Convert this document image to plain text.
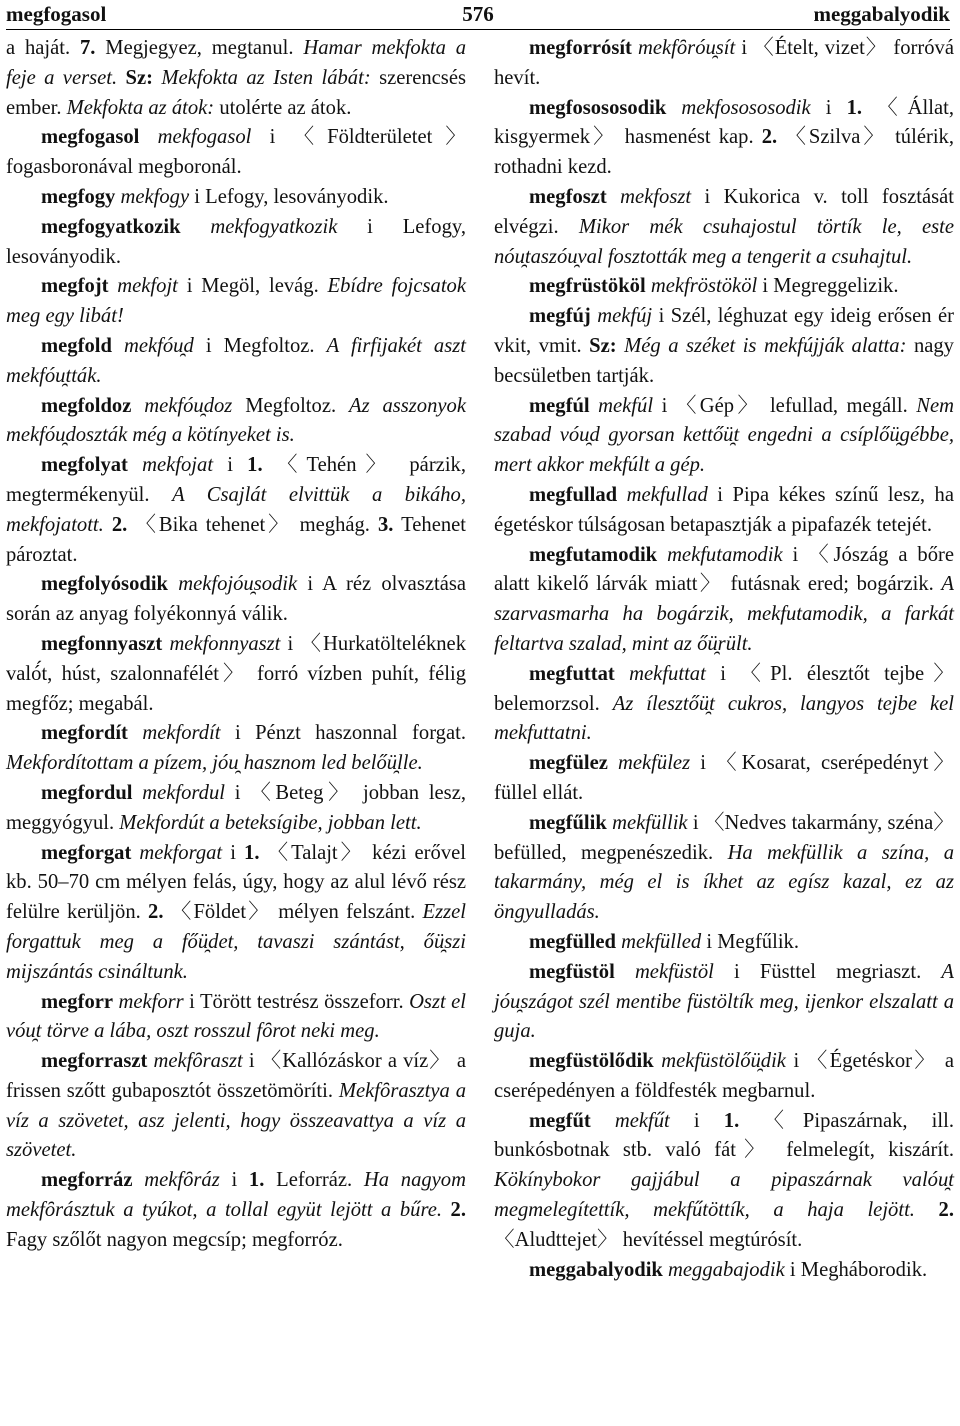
megfogasol	576	meggabalyodik

a haját. 7. Megjegyez, megtanul. Hamar mekfokta a feje a verset. Sz: Mekfokta az Isten lábát: szerencsés ember. Mekfokta az átok: utolérte az átok.

megfogasol mekfogasol i 〈Földterületet〉 fogasboronával megboronál.

megfogy mekfogy i Lefogy, lesoványodik.

megfogyatkozik mekfogyatkozik i Lefogy, lesoványodik.

megfojt mekfojt i Megöl, levág. Ebídre fojcsatok meg egy libát!

megfold mekfóu̯d i Megfoltoz. A firfijakét aszt mekfóu̯tták.

megfoldoz mekfóu̯doz Megfoltoz. Az asszonyok mekfóu̯doszták még a kötínyeket is.

megfolyat mekfojat i 1. 〈Tehén〉 párzik, megtermékenyül. A Csajlát elvittük a bikáho, mekfojatott. 2. 〈Bika tehenet〉 meghág. 3. Tehenet pároztat.

megfolyósodik mekfojóu̯sodik i A réz olvasztása során az anyag folyékonnyá válik.

megfonnyaszt mekfonnyaszt i 〈Hurkatölteléknek való́t, húst, szalonnafélét〉 forró vízben puhít, félig megfőz; megabál.

megfordít mekfordít i Pénzt haszonnal forgat. Mekfordítottam a pízem, jóu̯ hasznom led belőü̯lle.

megfordul mekfordul i 〈Beteg〉 jobban lesz, meggyógyul. Mekfordút a beteksígibe, jobban lett.

megforgat mekforgat i 1. 〈Talajt〉 kézi erővel kb. 50–70 cm mélyen felás, úgy, hogy az alul lévő rész felülre kerüljön. 2. 〈Földet〉 mélyen felszánt. Ezzel forgattuk meg a főü̯det, tavaszi szántást, őü̯szi mijszántás csináltunk.

megforr mekforr i Törött testrész összeforr. Oszt el vóu̯t törve a lába, oszt rosszul fȏrot neki meg.

megforraszt mekfȏraszt i 〈Kallózáskor a víz〉 a frissen szőtt gubaposztót összetömöríti. Mekfȏrasztya a víz a szövetet, asz jelenti, hogy összeavattya a víz a szövetet.

megforráz mekfȏráz i 1. Leforráz. Ha nagyom mekfȏrásztuk a tyúkot, a tollal együt lejött a bűre. 2. Fagy szőlőt nagyon megcsíp; megforróz.

megforrósít mekfȏróu̯sít i 〈Ételt, vizet〉 forróvá hevít.

megfosososodik mekfosososodik i 1. 〈Állat, kisgyermek〉 hasmenést kap. 2. 〈Szilva〉 túlérik, rothadni kezd.

megfoszt mekfoszt i Kukorica v. toll fosztását elvégzi. Mikor mék csuhajostul törtík le, este nóu̯taszóu̯val fosztották meg a tengerit a csuhajtul.

megfrüstököl mekfröstököl i Megreggelizik.

megfúj mekfúj i Szél, léghuzat egy ideig erősen ér vkit, vmit. Sz: Még a széket is mekfújják alatta: nagy becsületben tartják.

megfúl mekfúl i 〈Gép〉 lefullad, megáll. Nem szabad vóu̯d gyorsan kettőü̯t engedni a csíplőü̯gébbe, mert akkor mekfúlt a gép.

megfullad mekfullad i Pipa kékes színű lesz, ha égetéskor túlságosan betapasztják a pipafazék tetejét.

megfutamodik mekfutamodik i 〈Jószág a bőre alatt kikelő lárvák miatt〉 futásnak ered; bogárzik. A szarvasmarha ha bogárzik, mekfutamodik, a farkát feltartva szalad, mint az őü̯rült.

megfuttat mekfuttat i 〈Pl. élesztőt tejbe〉 belemorzsol. Az ílesztőü̯t cukros, langyos tejbe kel mekfuttatni.

megfülez mekfülez i 〈Kosarat, cserépedényt〉 füllel ellát.

megfűlik mekfüllik i 〈Nedves takarmány, széna〉 befülled, megpenészedik. Ha mekfüllik a szína, a takarmány, még el is íkhet az egísz kazal, ez az öngyulladás.

megfülled mekfülled i Megfűlik.

megfüstöl mekfüstöl i Füsttel megriaszt. A jóu̯szágot szél mentibe füstöltík meg, ijenkor elszalatt a guja.

megfüstölődik mekfüstölőü̯dik i 〈Égetéskor〉 a cserépedényen a földfesték megbarnul.

megfűt mekfűt i 1. 〈Pipaszárnak, ill. bunkósbotnak stb. való fát〉 felmelegít, kiszárít. Kökínybokor gajjábul a pipaszárnak valóu̯t megmelegítettík, mekfűtöttík, a haja lejött. 2. 〈Aludttejet〉 hevítéssel megtúrósít.

meggabalyodik meggabajodik i Megháborodik.
